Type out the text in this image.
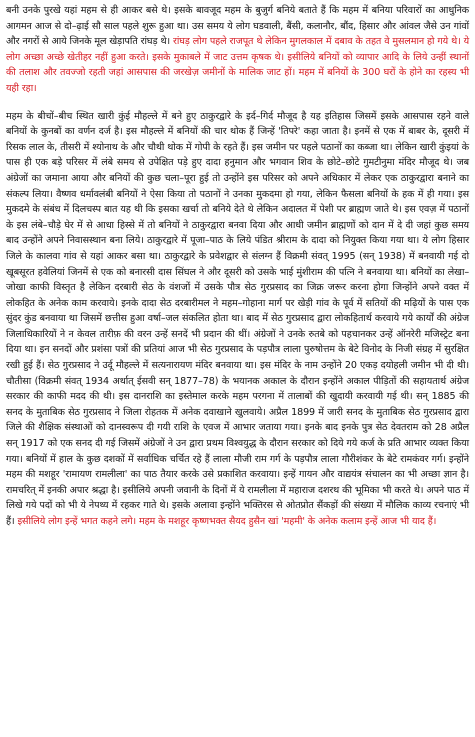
बनी उनके पुरखे यहां महम से ही आकर बसे थे। इसके बावजूद महम के बुजुर्ग बनिये बताते हैं कि महम में बनिया परिवारों का आधुनिक आगमन आज से दो–ढ़ाई सौ साल पहले शुरू हुआ था। उस समय ये लोग घडवाली, बैंसी, कलानौर, बौंद, हिसार और आंवल जैसे उन गांवों और नगरों से आये जिनके मूल खेड़ापति रांघड़ थे। रांघड़ लोग पहले राजपूत थे लेकिन मुगलकाल में दबाव के तहत वे मुसलमान हो गये थे। ये लोग अच्छा अच्छे खेतीहर नहीं हुआ करते। इसके मुकाबले में जाट उत्तम कृषक थे। इसीलिये बनियों को व्यापार आदि के लिये उन्हीं स्थानों की तलाश और तवज्जो रहती जहां आसपास की जरखेज़ जमीनों के मालिक जाट हों। महम में बनियों के 300 घरों के होने का रहस्य भी यही रहा।

महम के बीचों–बीच स्थित खारी कुंई मौहल्ले में बने हुए ठाकुरद्वारे के इर्द–गिर्द मौजूद है यह इतिहास जिसमें इसके आसपास रहने वाले बनियों के कुनबों का वर्णन दर्ज है। इस मौहल्ले में बनियों की चार थोक हैं जिन्हें 'तिपरे' कहा जाता है। इनमें से एक में बाबर के, दूसरी में रिसक लाल के, तीसरी में श्योनाथ के और चौथी थोक में गोपी के रहते हैं। इस जमीन पर पहले पठानों का कब्जा था। लेकिन खारी कुंइयां के पास ही एक बड़े परिसर में लंबे समय से उपेक्षित पड़े हुए दादा हनुमान और भगवान शिव के छोटे–छोटे गुमटीनुमा मंदिर मौजूद थे। जब अंग्रेजों का जमाना आया और बनियों की कुछ चला–पूरा हुई तो उन्होंने इस परिसर को अपने अधिकार में लेकर एक ठाकुरद्वारा बनाने का संकल्प लिया। वैष्णव धर्मावलंबी बनियों ने ऐसा किया तो पठानों ने उनका मुकदमा हो गया, लेकिन फैसला बनियों के हक में ही गया। इस मुकदमे के संबंध में दिलचस्प बात यह थी कि इसका खर्चा तो बनिये देते थे लेकिन अदालत में पेशी पर ब्राह्मण जाते थे। इस एवज़ में पठानों के इस लंबे–चौड़े घेर में से आधा हिस्से में तो बनियों ने ठाकुरद्वारा बनवा दिया और आधी जमीन ब्राह्मणों को दान में दे दी जहां कुछ समय बाद उन्होंने अपने निवासस्थान बना लिये। ठाकुरद्वारे में पूजा–पाठ के लिये पंडित श्रीराम के दादा को नियुक्त किया गया था। ये लोग हिसार जिले के कालवा गांव से यहां आकर बसा था। ठाकुरद्वारे के प्रवेशद्वार से संलग्न हैं विक्रमी संवत् 1995 (सन् 1938) में बनवायी गई दो खूबसूरत हवेलियां जिनमें से एक को बनारसी दास सिंघल ने और दूसरी को उसके भाई मुंशीराम की पत्नि ने बनवाया था। बनियों का लेखा–जोखा काफी विस्तृत है लेकिन दरबारी सेठ के वंशजों में उसके पौत्र सेठ गुरप्रसाद का जिक्र जरूर करना होगा जिन्होंने अपने वक्त में लोकहित के अनेक काम करवाये। इनके दादा सेठ दरबारीमल ने महम–गोहाना मार्ग पर खेड़ी गांव के पूर्व में सतियों की मढ़ियों के पास एक सुंदर कुंड बनवाया था जिसमें छत्तीस हुआ वर्षा–जल संकलित होता था। बाद में सेठ गुरप्रसाद द्वारा लोकहितार्थ करवाये गये कार्यों की अंग्रेज जिलाधिकारियों ने न केवल तारीफ़ की वरन उन्हें सनदें भी प्रदान की थीं। अंग्रेजों ने उनके रुतबे को पहचानकर उन्हें ऑनरेरी मजिस्ट्रेट बना दिया था। इन सनदों और प्रशंसा पत्रों की प्रतियां आज भी सेठ गुरप्रसाद के पड़पौत्र लाला पुरुषोत्तम के बेटे विनोद के निजी संग्रह में सुरक्षित रखी हुई हैं। सेठ गुरप्रसाद ने उर्दू मौहल्ले में सत्यनारायण मंदिर बनवाया था। इस मंदिर के नाम उन्होंने 20 एकड़ दयोहली जमीन भी दी थी। चौतीसा (विक्रमी संवत् 1934 अर्थात् ईसवी सन् 1877–78) के भयानक अकाल के दौरान इन्होंने अकाल पीड़ितों की सहायतार्थ अंग्रेज सरकार की काफी मदद की थी। इस दानराशि का इस्तेमाल करके महम परगना में तालाबों की खुदायी करवायी गई थी। सन् 1885 की सनद के मुताबिक सेठ गुरप्रसाद ने जिला रोहतक में अनेक दवाखाने खुलवाये। अप्रैल 1899 में जारी सनद के मुताबिक सेठ गुरप्रसाद द्वारा जिले की शैक्षिक संस्थाओं को दानस्वरूप दी गयी राशि के एवज में आभार जताया गया। इनके बाद इनके पुत्र सेठ देवतराम को 28 अप्रैल सन् 1917 को एक सनद दी गई जिसमें अंग्रेजों ने उन द्वारा प्रथम विश्वयुद्ध के दौरान सरकार को दिये गये कर्ज के प्रति आभार व्यक्त किया गया। बनियों में हाल के कुछ दशकों में सर्वाधिक चर्चित रहे हैं लाला मौजी राम गर्ग के पड़पौत्र लाला गौरीशंकर के बेटे रामकंवर गर्ग। इन्होंने महम की मशहूर 'रामायण रामलीला' का पाठ तैयार करके उसे प्रकाशित करवाया। इन्हें गायन और वाद्ययंत्र संचालन का भी अच्छा ज्ञान है। रामचरित् में इनकी अपार श्रद्धा है। इसीलिये अपनी जवानी के दिनों में ये रामलीला में महाराज दशरथ की भूमिका भी करते थे। अपने पाठ में लिखे गये पदों को भी ये नेपथ्य में रहकर गाते थे। इसके अलावा इन्होंने भक्तिरस से ओतप्रोत सैंकड़ों की संख्या में मौलिक काव्य रचनाएं भी हैं। इसीलिये लोग इन्हें भगत कहने लगे। महम के मशहूर कृष्णभक्त सैयद हुसैन खां 'महमी' के अनेक कलाम इन्हें आज भी याद हैं।
